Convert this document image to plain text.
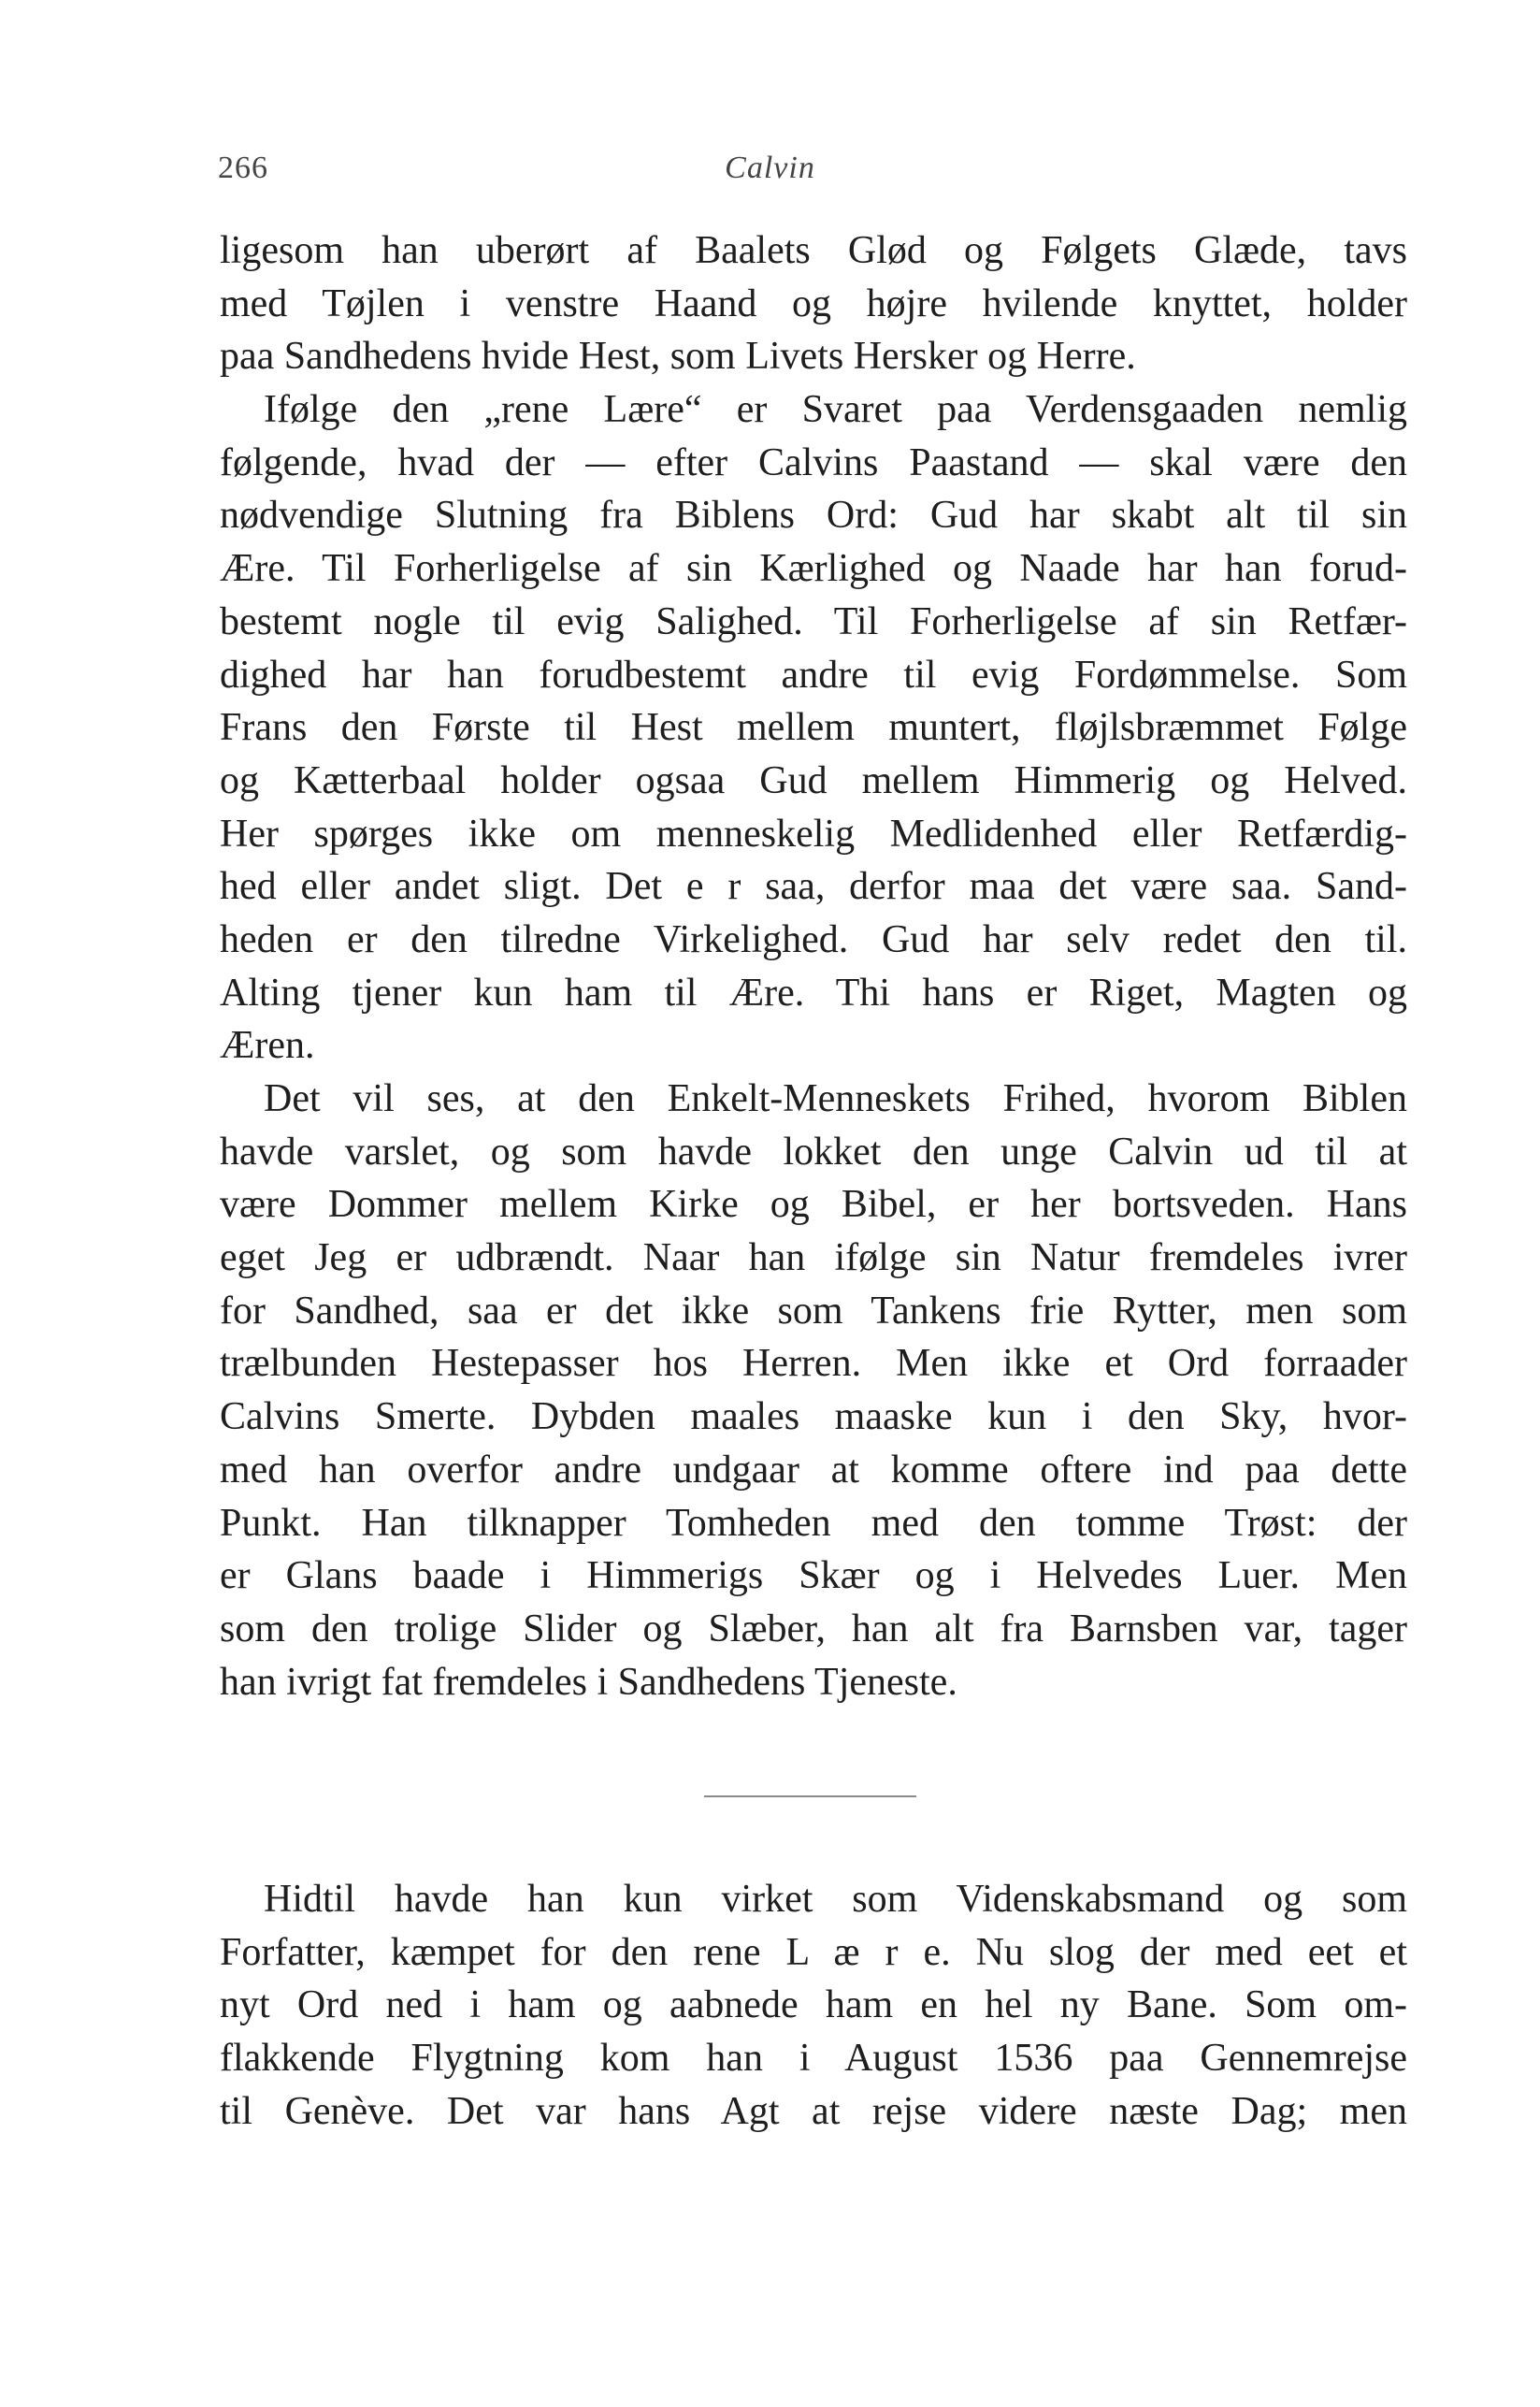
266	Calvin
ligesom han uberørt af Baalets Glød og Følgets Glæde, tavs
med Tøjlen i venstre Haand og højre hvilende knyttet, holder
paa Sandhedens hvide Hest, som Livets Hersker og Herre.
Ifølge den „rene Lære“ er Svaret paa Verdensgaaden nemlig
følgende, hvad der — efter Calvins Paastand — skal være den
nødvendige Slutning fra Biblens Ord: Gud har skabt alt til sin
Ære. Til Forherligelse af sin Kærlighed og Naade har han forud-
bestemt nogle til evig Salighed. Til Forherligelse af sin Retfær-
dighed har han forudbestemt andre til evig Fordømmelse. Som
Frans den Første til Hest mellem muntert, fløjlsbræmmet Følge
og Kætterbaal holder ogsaa Gud mellem Himmerig og Helved.
Her spørges ikke om menneskelig Medlidenhed eller Retfærdig-
hed eller andet sligt. Det e r saa, derfor maa det være saa. Sand-
heden er den tilredne Virkelighed. Gud har selv redet den til.
Alting tjener kun ham til Ære. Thi hans er Riget, Magten og
Æren.
Det vil ses, at den Enkelt-Menneskets Frihed, hvorom Biblen
havde varslet, og som havde lokket den unge Calvin ud til at
være Dommer mellem Kirke og Bibel, er her bortsveden. Hans
eget Jeg er udbrændt. Naar han ifølge sin Natur fremdeles ivrer
for Sandhed, saa er det ikke som Tankens frie Rytter, men som
trælbunden Hestepasser hos Herren. Men ikke et Ord forraader
Calvins Smerte. Dybden maales maaske kun i den Sky, hvor-
med han overfor andre undgaar at komme oftere ind paa dette
Punkt. Han tilknapper Tomheden med den tomme Trøst: der
er Glans baade i Himmerigs Skær og i Helvedes Luer. Men
som den trolige Slider og Slæber, han alt fra Barnsben var, tager
han ivrigt fat fremdeles i Sandhedens Tjeneste.
Hidtil havde han kun virket som Videnskabsmand og som
Forfatter, kæmpet for den rene L æ r e. Nu slog der med eet et
nyt Ord ned i ham og aabnede ham en hel ny Bane. Som om-
flakkende Flygtning kom han i August 1536 paa Gennemrejse
til Genève. Det var hans Agt at rejse videre næste Dag; men
